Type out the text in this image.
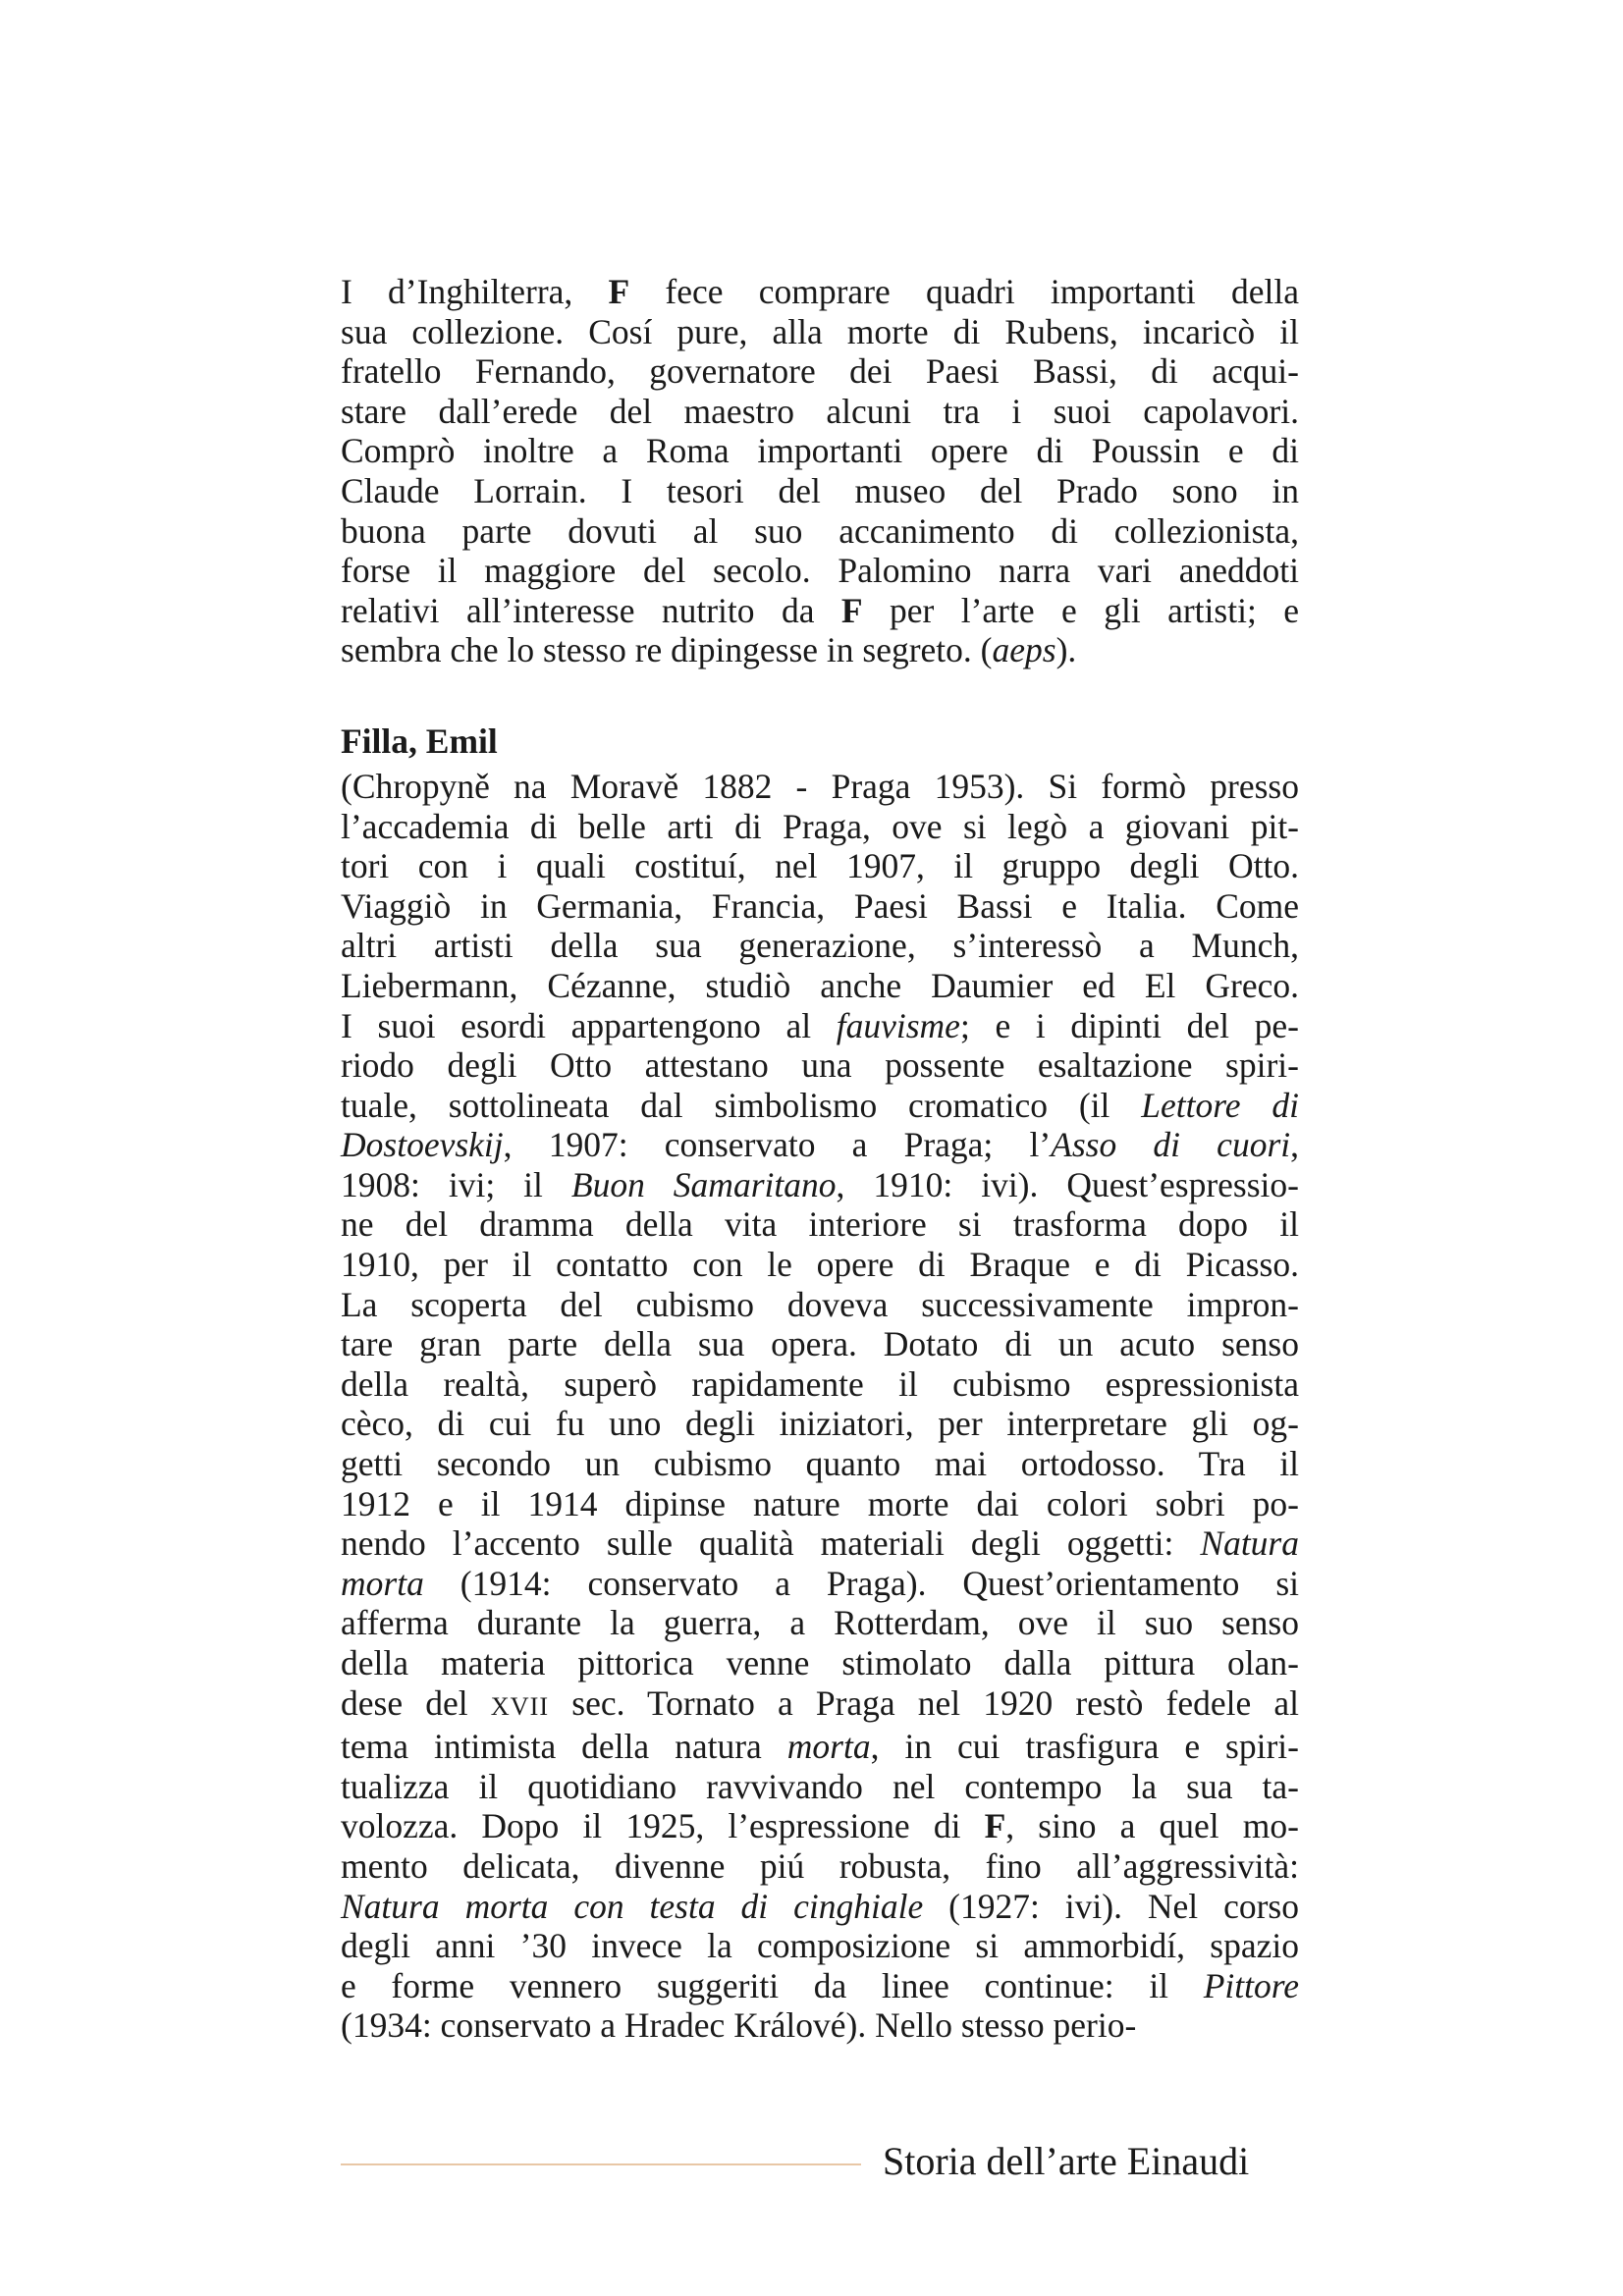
I d’Inghilterra, F fece comprare quadri importanti della
sua collezione. Cosí pure, alla morte di Rubens, incaricò il
fratello Fernando, governatore dei Paesi Bassi, di acqui-
stare dall’erede del maestro alcuni tra i suoi capolavori.
Comprò inoltre a Roma importanti opere di Poussin e di
Claude Lorrain. I tesori del museo del Prado sono in
buona parte dovuti al suo accanimento di collezionista,
forse il maggiore del secolo. Palomino narra vari aneddoti
relativi all’interesse nutrito da F per l’arte e gli artisti; e
sembra che lo stesso re dipingesse in segreto. (aeps).

Filla, Emil

(Chropyně na Moravě 1882 - Praga 1953). Si formò presso
l’accademia di belle arti di Praga, ove si legò a giovani pit-
tori con i quali costituí, nel 1907, il gruppo degli Otto.
Viaggiò in Germania, Francia, Paesi Bassi e Italia. Come
altri artisti della sua generazione, s’interessò a Munch,
Liebermann, Cézanne, studiò anche Daumier ed El Greco.
I suoi esordi appartengono al fauvisme; e i dipinti del pe-
riodo degli Otto attestano una possente esaltazione spiri-
tuale, sottolineata dal simbolismo cromatico (il Lettore di
Dostoevskij, 1907: conservato a Praga; l’Asso di cuori,
1908: ivi; il Buon Samaritano, 1910: ivi). Quest’espressio-
ne del dramma della vita interiore si trasforma dopo il
1910, per il contatto con le opere di Braque e di Picasso.
La scoperta del cubismo doveva successivamente impron-
tare gran parte della sua opera. Dotato di un acuto senso
della realtà, superò rapidamente il cubismo espressionista
cèco, di cui fu uno degli iniziatori, per interpretare gli og-
getti secondo un cubismo quanto mai ortodosso. Tra il
1912 e il 1914 dipinse nature morte dai colori sobri po-
nendo l’accento sulle qualità materiali degli oggetti: Natura
morta (1914: conservato a Praga). Quest’orientamento si
afferma durante la guerra, a Rotterdam, ove il suo senso
della materia pittorica venne stimolato dalla pittura olan-
dese del XVII sec. Tornato a Praga nel 1920 restò fedele al
tema intimista della natura morta, in cui trasfigura e spiri-
tualizza il quotidiano ravvivando nel contempo la sua ta-
volozza. Dopo il 1925, l’espressione di F, sino a quel mo-
mento delicata, divenne piú robusta, fino all’aggressività:
Natura morta con testa di cinghiale (1927: ivi). Nel corso
degli anni ’30 invece la composizione si ammorbidí, spazio
e forme vennero suggeriti da linee continue: il Pittore
(1934: conservato a Hradec Králové). Nello stesso perio-

Storia dell’arte Einaudi
